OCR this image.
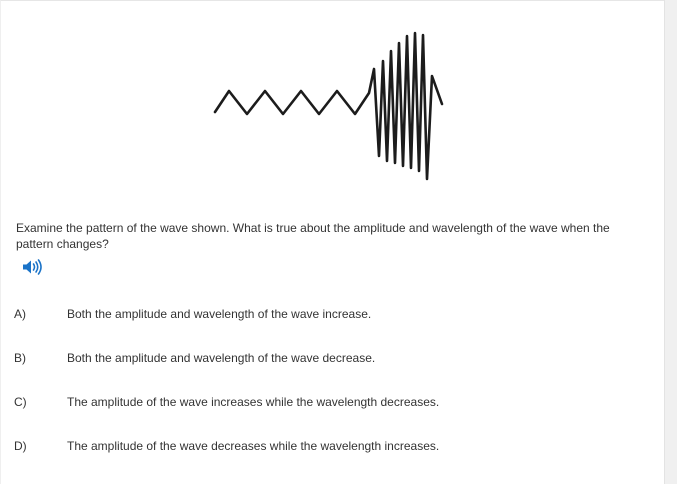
Examine the pattern of the wave shown. What is true about the amplitude and wavelength of the wave when the pattern changes?
A)	Both the amplitude and wavelength of the wave increase.
B)	Both the amplitude and wavelength of the wave decrease.
C)	The amplitude of the wave increases while the wavelength decreases.
D)	The amplitude of the wave decreases while the wavelength increases.
